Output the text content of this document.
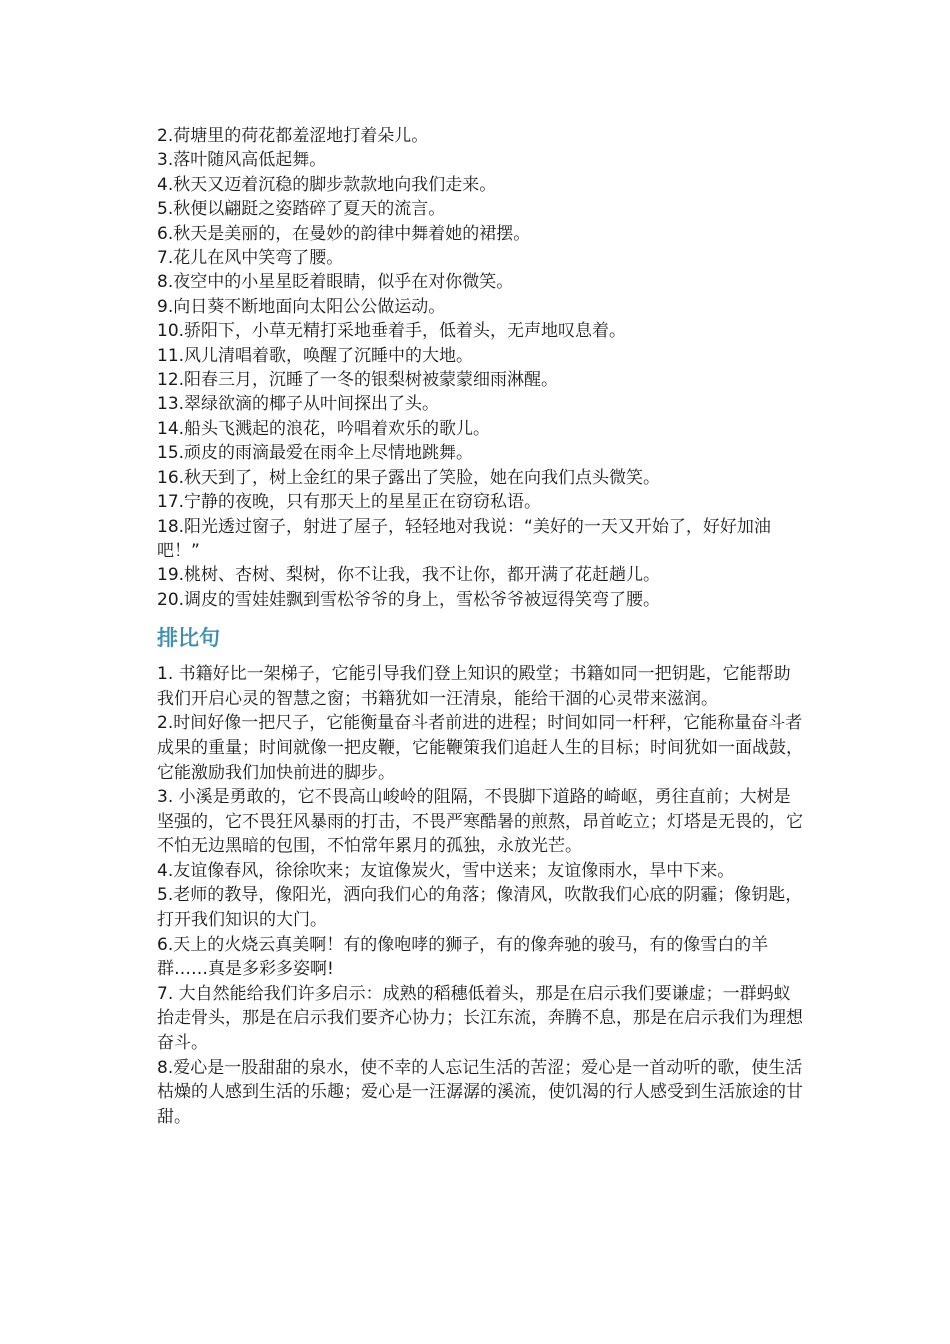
2.荷塘里的荷花都羞涩地打着朵儿。

3.落叶随风高低起舞。

4.秋天又迈着沉稳的脚步款款地向我们走来。

5.秋便以翩跹之姿踏碎了夏天的流言。

6.秋天是美丽的，在曼妙的韵律中舞着她的裙摆。

7.花儿在风中笑弯了腰。

8.夜空中的小星星眨着眼睛，似乎在对你微笑。

9.向日葵不断地面向太阳公公做运动。

10.骄阳下，小草无精打采地垂着手，低着头，无声地叹息着。

11.风儿清唱着歌，唤醒了沉睡中的大地。

12.阳春三月，沉睡了一冬的银梨树被蒙蒙细雨淋醒。

13.翠绿欲滴的椰子从叶间探出了头。

14.船头飞溅起的浪花，吟唱着欢乐的歌儿。

15.顽皮的雨滴最爱在雨伞上尽情地跳舞。

16.秋天到了，树上金红的果子露出了笑脸，她在向我们点头微笑。

17.宁静的夜晚，只有那天上的星星正在窃窃私语。

18.阳光透过窗子，射进了屋子，轻轻地对我说：“美好的一天又开始了，好好加油吧！”

19.桃树、杏树、梨树，你不让我，我不让你，都开满了花赶趟儿。

20.调皮的雪娃娃飘到雪松爷爷的身上，雪松爷爷被逗得笑弯了腰。

排比句

1. 书籍好比一架梯子，它能引导我们登上知识的殿堂；书籍如同一把钥匙，它能帮助我们开启心灵的智慧之窗；书籍犹如一汪清泉，能给干涸的心灵带来滋润。

2.时间好像一把尺子，它能衡量奋斗者前进的进程；时间如同一杆秤，它能称量奋斗者成果的重量；时间就像一把皮鞭，它能鞭策我们追赶人生的目标；时间犹如一面战鼓，它能激励我们加快前进的脚步。

3. 小溪是勇敢的，它不畏高山峻岭的阻隔，不畏脚下道路的崎岖，勇往直前；大树是坚强的，它不畏狂风暴雨的打击，不畏严寒酷暑的煎熬，昂首屹立；灯塔是无畏的，它不怕无边黑暗的包围，不怕常年累月的孤独，永放光芒。

4.友谊像春风，徐徐吹来；友谊像炭火，雪中送来；友谊像雨水，旱中下来。

5.老师的教导，像阳光，洒向我们心的角落；像清风，吹散我们心底的阴霾；像钥匙，打开我们知识的大门。

6.天上的火烧云真美啊！有的像咆哮的狮子，有的像奔驰的骏马，有的像雪白的羊群……真是多彩多姿啊!

7. 大自然能给我们许多启示：成熟的稻穗低着头，那是在启示我们要谦虚；一群蚂蚁抬走骨头，那是在启示我们要齐心协力；长江东流，奔腾不息，那是在启示我们为理想奋斗。

8.爱心是一股甜甜的泉水，使不幸的人忘记生活的苦涩；爱心是一首动听的歌，使生活枯燥的人感到生活的乐趣；爱心是一汪潺潺的溪流，使饥渴的行人感受到生活旅途的甘甜。
